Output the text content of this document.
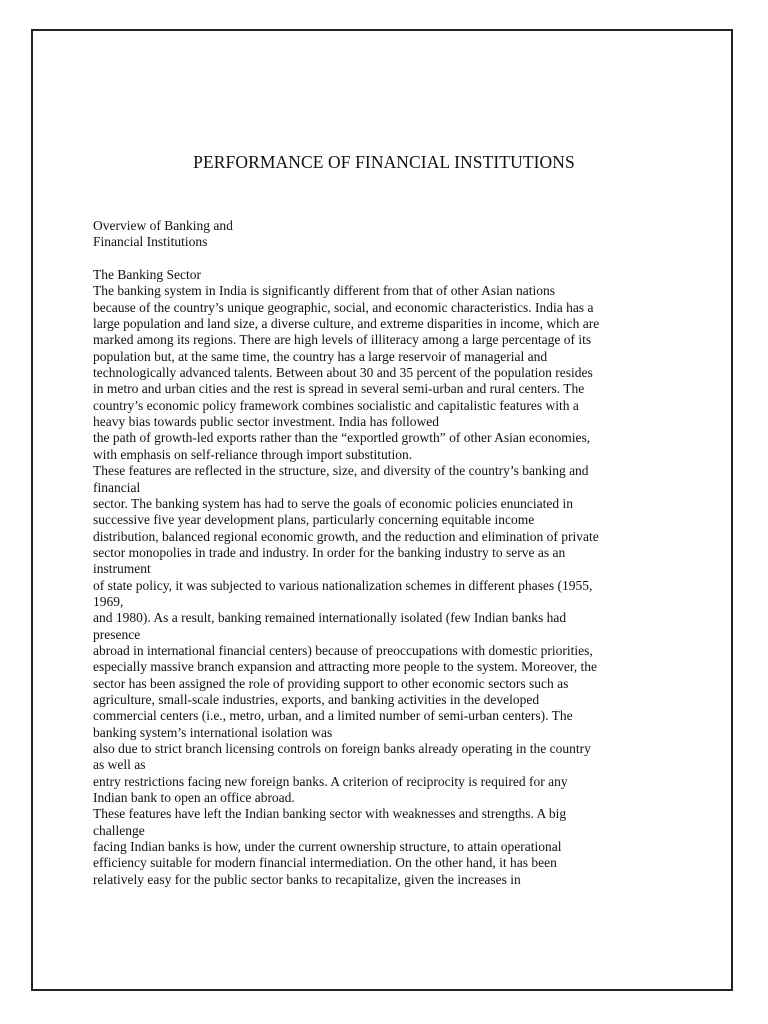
PERFORMANCE OF FINANCIAL INSTITUTIONS
Overview of Banking and
Financial Institutions
The Banking Sector
The banking system in India is significantly different from that of other Asian nations
because of the country’s unique geographic, social, and economic characteristics. India has a
large population and land size, a diverse culture, and extreme disparities in income, which are
marked among its regions. There are high levels of illiteracy among a large percentage of its
population but, at the same time, the country has a large reservoir of managerial and
technologically advanced talents. Between about 30 and 35 percent of the population resides
in metro and urban cities and the rest is spread in several semi-urban and rural centers. The
country’s economic policy framework combines socialistic and capitalistic features with a
heavy bias towards public sector investment. India has followed
the path of growth-led exports rather than the “exportled growth” of other Asian economies,
with emphasis on self-reliance through import substitution.
These features are reflected in the structure, size, and diversity of the country’s banking and
financial
sector. The banking system has had to serve the goals of economic policies enunciated in
successive five year development plans, particularly concerning equitable income
distribution, balanced regional economic growth, and the reduction and elimination of private
sector monopolies in trade and industry. In order for the banking industry to serve as an
instrument
of state policy, it was subjected to various nationalization schemes in different phases (1955,
1969,
and 1980). As a result, banking remained internationally isolated (few Indian banks had
presence
abroad in international financial centers) because of preoccupations with domestic priorities,
especially massive branch expansion and attracting more people to the system. Moreover, the
sector has been assigned the role of providing support to other economic sectors such as
agriculture, small-scale industries, exports, and banking activities in the developed
commercial centers (i.e., metro, urban, and a limited number of semi-urban centers). The
banking system’s international isolation was
also due to strict branch licensing controls on foreign banks already operating in the country
as well as
entry restrictions facing new foreign banks. A criterion of reciprocity is required for any
Indian bank to open an office abroad.
These features have left the Indian banking sector with weaknesses and strengths. A big
challenge
facing Indian banks is how, under the current ownership structure, to attain operational
efficiency suitable for modern financial intermediation. On the other hand, it has been
relatively easy for the public sector banks to recapitalize, given the increases in
